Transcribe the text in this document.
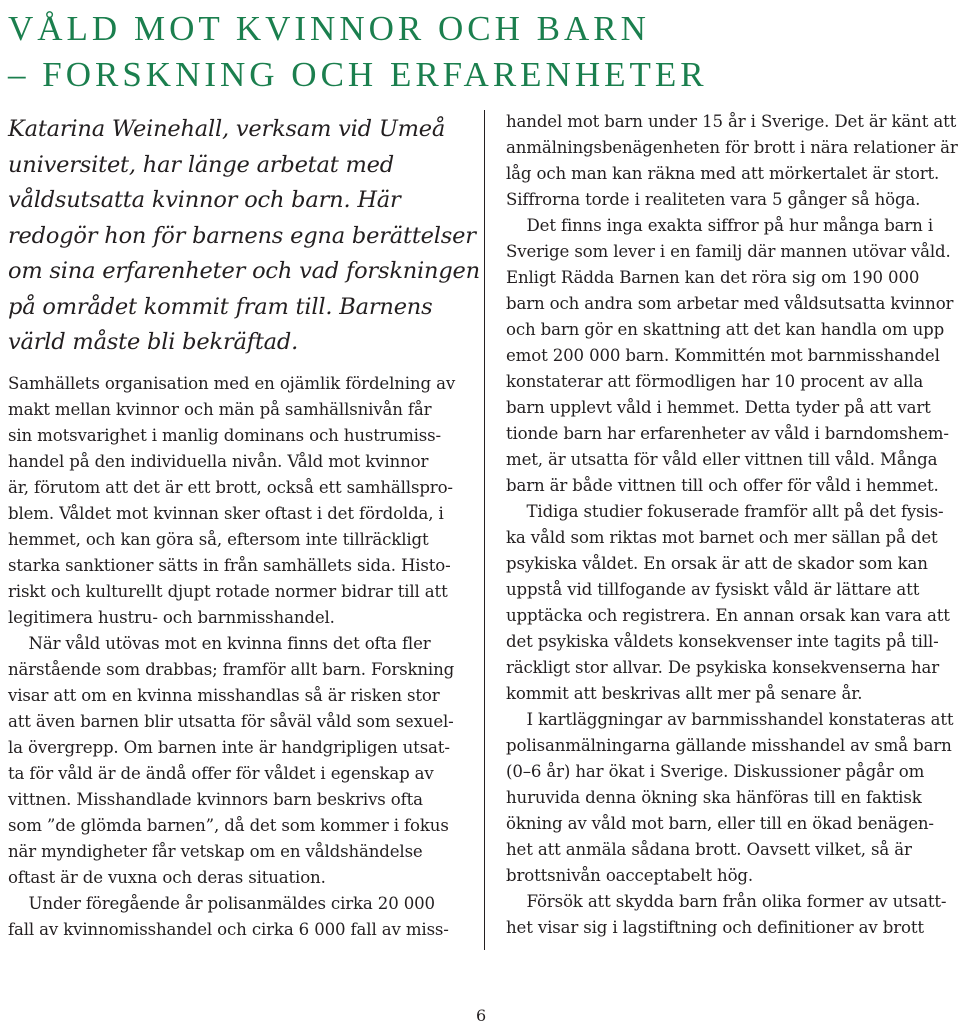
VÅLD MOT KVINNOR OCH BARN
– FORSKNING OCH ERFARENHETER

Katarina Weinehall, verksam vid Umeå
universitet, har länge arbetat med
våldsutsatta kvinnor och barn. Här
redogör hon för barnens egna berättelser
om sina erfarenheter och vad forskningen
på området kommit fram till. Barnens
värld måste bli bekräftad.

Samhällets organisation med en ojämlik fördelning av
makt mellan kvinnor och män på samhällsnivån får
sin motsvarighet i manlig dominans och hustrumiss-
handel på den individuella nivån. Våld mot kvinnor
är, förutom att det är ett brott, också ett samhällspro-
blem. Våldet mot kvinnan sker oftast i det fördolda, i
hemmet, och kan göra så, eftersom inte tillräckligt
starka sanktioner sätts in från samhällets sida. Histo-
riskt och kulturellt djupt rotade normer bidrar till att
legitimera hustru- och barnmisshandel.
När våld utövas mot en kvinna finns det ofta fler
närstående som drabbas; framför allt barn. Forskning
visar att om en kvinna misshandlas så är risken stor
att även barnen blir utsatta för såväl våld som sexuel-
la övergrepp. Om barnen inte är handgripligen utsat-
ta för våld är de ändå offer för våldet i egenskap av
vittnen. Misshandlade kvinnors barn beskrivs ofta
som ”de glömda barnen”, då det som kommer i fokus
när myndigheter får vetskap om en våldshändelse
oftast är de vuxna och deras situation.
Under föregående år polisanmäldes cirka 20 000
fall av kvinnomisshandel och cirka 6 000 fall av miss-
handel mot barn under 15 år i Sverige. Det är känt att
anmälningsbenägenheten för brott i nära relationer är
låg och man kan räkna med att mörkertalet är stort.
Siffrorna torde i realiteten vara 5 gånger så höga.
Det finns inga exakta siffror på hur många barn i
Sverige som lever i en familj där mannen utövar våld.
Enligt Rädda Barnen kan det röra sig om 190 000
barn och andra som arbetar med våldsutsatta kvinnor
och barn gör en skattning att det kan handla om upp
emot 200 000 barn. Kommittén mot barnmisshandel
konstaterar att förmodligen har 10 procent av alla
barn upplevt våld i hemmet. Detta tyder på att vart
tionde barn har erfarenheter av våld i barndomshem-
met, är utsatta för våld eller vittnen till våld. Många
barn är både vittnen till och offer för våld i hemmet.
Tidiga studier fokuserade framför allt på det fysis-
ka våld som riktas mot barnet och mer sällan på det
psykiska våldet. En orsak är att de skador som kan
uppstå vid tillfogande av fysiskt våld är lättare att
upptäcka och registrera. En annan orsak kan vara att
det psykiska våldets konsekvenser inte tagits på till-
räckligt stor allvar. De psykiska konsekvenserna har
kommit att beskrivas allt mer på senare år.
I kartläggningar av barnmisshandel konstateras att
polisanmälningarna gällande misshandel av små barn
(0–6 år) har ökat i Sverige. Diskussioner pågår om
huruvida denna ökning ska hänföras till en faktisk
ökning av våld mot barn, eller till en ökad benägen-
het att anmäla sådana brott. Oavsett vilket, så är
brottsnivån oacceptabelt hög.
Försök att skydda barn från olika former av utsatt-
het visar sig i lagstiftning och definitioner av brott
6
